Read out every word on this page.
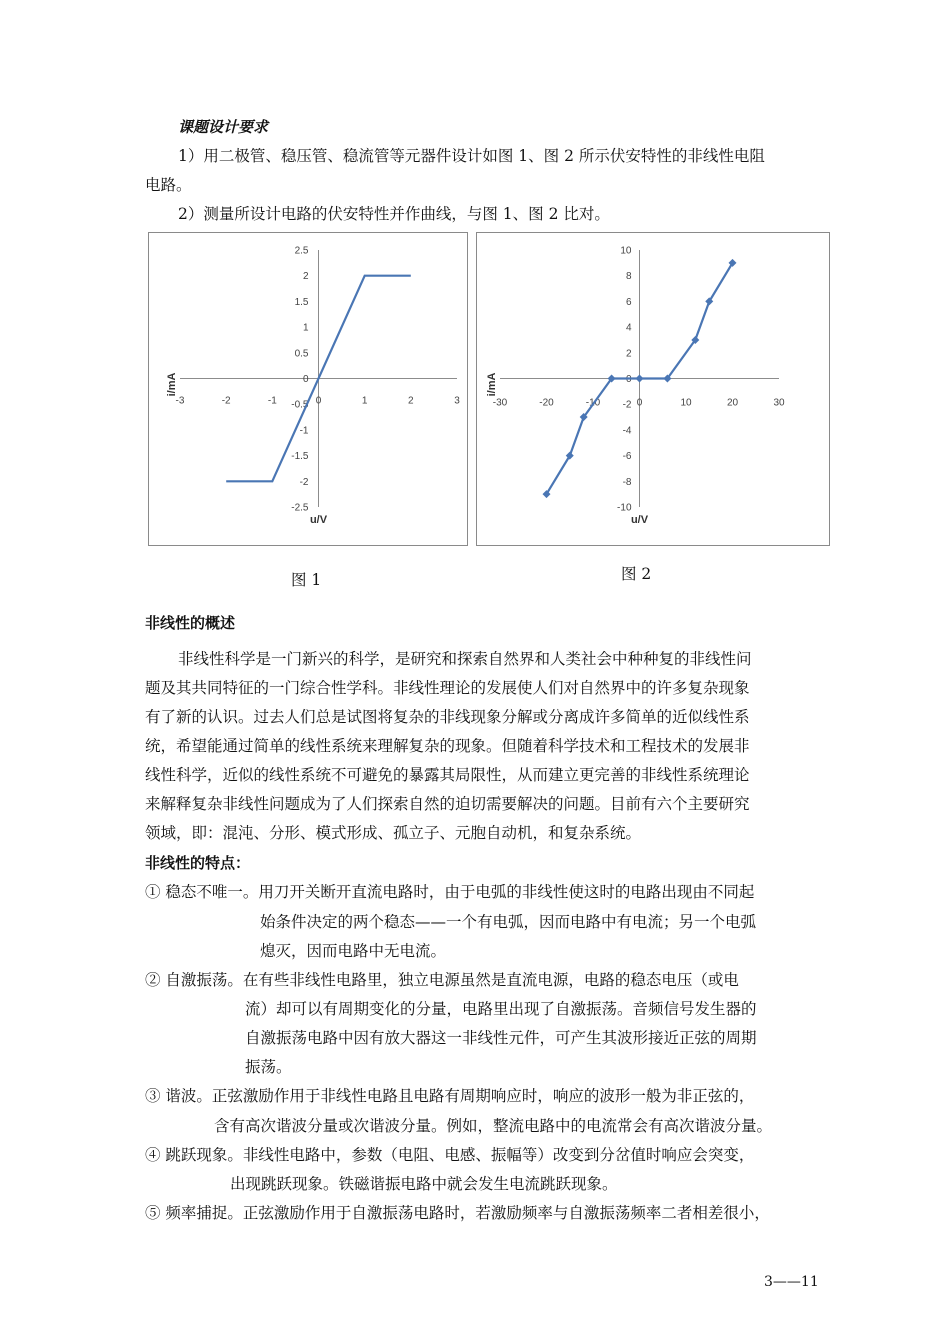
课题设计要求
1）用二极管、稳压管、稳流管等元器件设计如图 1、图 2 所示伏安特性的非线性电阻
电路。
2）测量所设计电路的伏安特性并作曲线，与图 1、图 2 比对。
-3	-2	-1	0	1	2	3
2.5
2
1.5
1
0.5
0
-0.5
-1
-1.5
-2
-2.5
i/mA
u/V
-30	-20	-10	0	10	20	30
10
8
6
4
2
0
-2
-4
-6
-8
-10
i/mA
u/V
图 1	图 2
非线性的概述
非线性科学是一门新兴的科学，是研究和探索自然界和人类社会中种种复的非线性问
题及其共同特征的一门综合性学科。非线性理论的发展使人们对自然界中的许多复杂现象
有了新的认识。过去人们总是试图将复杂的非线现象分解或分离成许多简单的近似线性系
统，希望能通过简单的线性系统来理解复杂的现象。但随着科学技术和工程技术的发展非
线性科学，近似的线性系统不可避免的暴露其局限性，从而建立更完善的非线性系统理论
来解释复杂非线性问题成为了人们探索自然的迫切需要解决的问题。目前有六个主要研究
领域，即：混沌、分形、模式形成、孤立子、元胞自动机，和复杂系统。
非线性的特点：
① 稳态不唯一。用刀开关断开直流电路时，由于电弧的非线性使这时的电路出现由不同起
始条件决定的两个稳态——一个有电弧，因而电路中有电流；另一个电弧
熄灭，因而电路中无电流。
② 自激振荡。在有些非线性电路里，独立电源虽然是直流电源，电路的稳态电压（或电
流）却可以有周期变化的分量，电路里出现了自激振荡。音频信号发生器的
自激振荡电路中因有放大器这一非线性元件，可产生其波形接近正弦的周期
振荡。
③ 谐波。正弦激励作用于非线性电路且电路有周期响应时，响应的波形一般为非正弦的，
含有高次谐波分量或次谐波分量。例如，整流电路中的电流常会有高次谐波分量。
④ 跳跃现象。非线性电路中，参数（电阻、电感、振幅等）改变到分岔值时响应会突变，
出现跳跃现象。铁磁谐振电路中就会发生电流跳跃现象。
⑤ 频率捕捉。正弦激励作用于自激振荡电路时，若激励频率与自激振荡频率二者相差很小，
3——11
